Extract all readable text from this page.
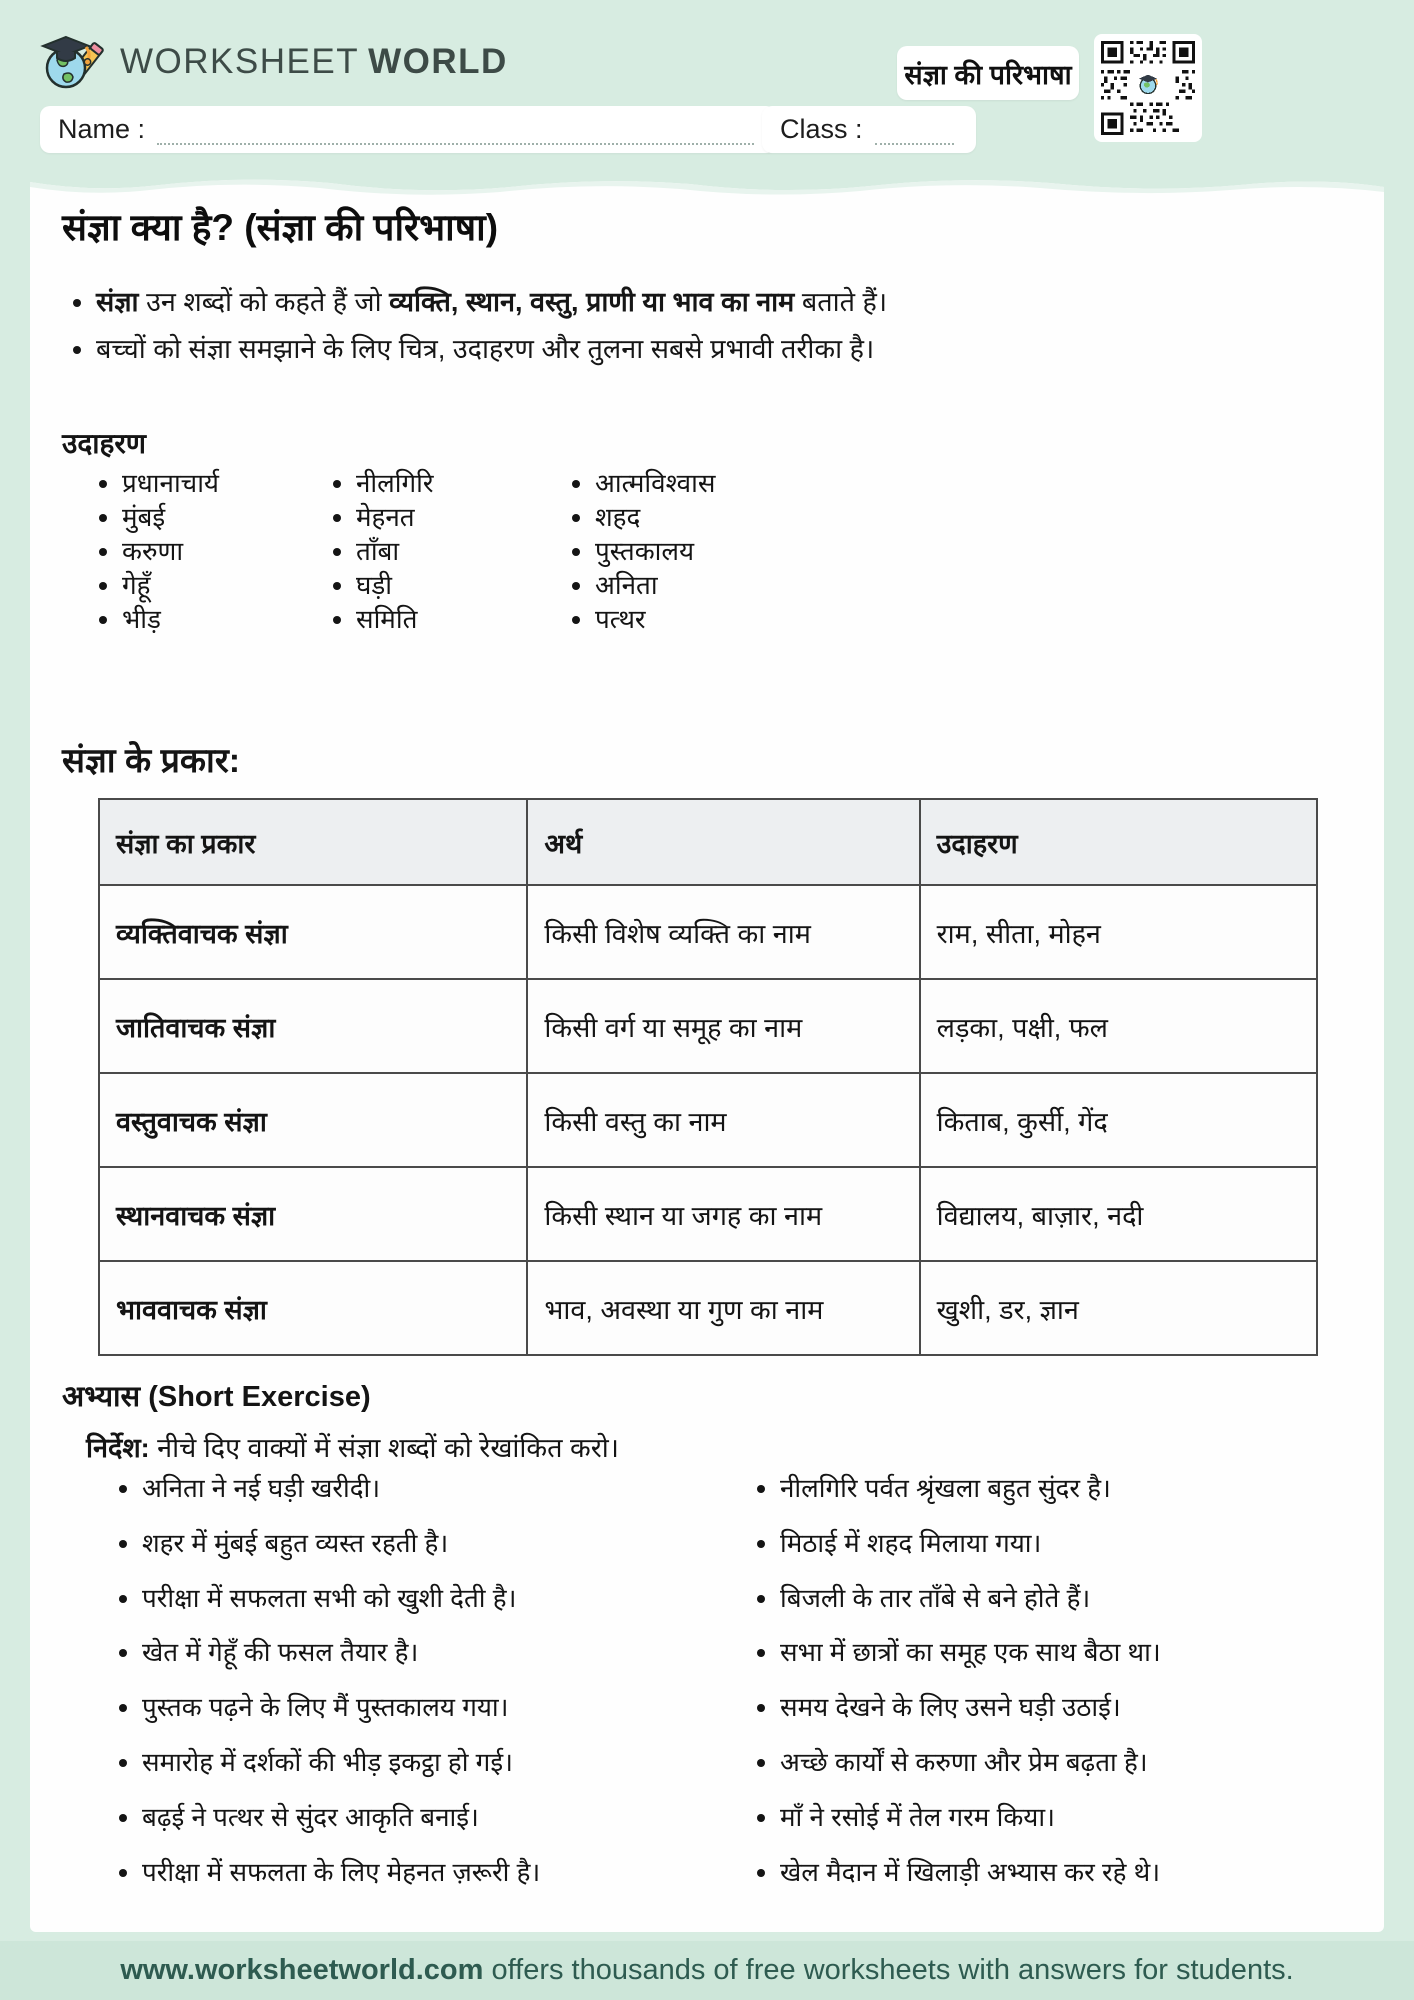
WORKSHEET WORLD	संज्ञा की परिभाषा
Name :	Class :
संज्ञा क्या है? (संज्ञा की परिभाषा)
• संज्ञा उन शब्दों को कहते हैं जो व्यक्ति, स्थान, वस्तु, प्राणी या भाव का नाम बताते हैं।
• बच्चों को संज्ञा समझाने के लिए चित्र, उदाहरण और तुलना सबसे प्रभावी तरीका है।
उदाहरण
• प्रधानाचार्य
• मुंबई
• करुणा
• गेहूँ
• भीड़
• नीलगिरि
• मेहनत
• ताँबा
• घड़ी
• समिति
• आत्मविश्वास
• शहद
• पुस्तकालय
• अनिता
• पत्थर
संज्ञा के प्रकार:
संज्ञा का प्रकार	अर्थ	उदाहरण
व्यक्तिवाचक संज्ञा	किसी विशेष व्यक्ति का नाम	राम, सीता, मोहन
जातिवाचक संज्ञा	किसी वर्ग या समूह का नाम	लड़का, पक्षी, फल
वस्तुवाचक संज्ञा	किसी वस्तु का नाम	किताब, कुर्सी, गेंद
स्थानवाचक संज्ञा	किसी स्थान या जगह का नाम	विद्यालय, बाज़ार, नदी
भाववाचक संज्ञा	भाव, अवस्था या गुण का नाम	खुशी, डर, ज्ञान
अभ्यास (Short Exercise)
निर्देश: नीचे दिए वाक्यों में संज्ञा शब्दों को रेखांकित करो।
• अनिता ने नई घड़ी खरीदी।
• शहर में मुंबई बहुत व्यस्त रहती है।
• परीक्षा में सफलता सभी को खुशी देती है।
• खेत में गेहूँ की फसल तैयार है।
• पुस्तक पढ़ने के लिए मैं पुस्तकालय गया।
• समारोह में दर्शकों की भीड़ इकट्ठा हो गई।
• बढ़ई ने पत्थर से सुंदर आकृति बनाई।
• परीक्षा में सफलता के लिए मेहनत ज़रूरी है।
• नीलगिरि पर्वत श्रृंखला बहुत सुंदर है।
• मिठाई में शहद मिलाया गया।
• बिजली के तार ताँबे से बने होते हैं।
• सभा में छात्रों का समूह एक साथ बैठा था।
• समय देखने के लिए उसने घड़ी उठाई।
• अच्छे कार्यों से करुणा और प्रेम बढ़ता है।
• माँ ने रसोई में तेल गरम किया।
• खेल मैदान में खिलाड़ी अभ्यास कर रहे थे।
www.worksheetworld.com offers thousands of free worksheets with answers for students.
